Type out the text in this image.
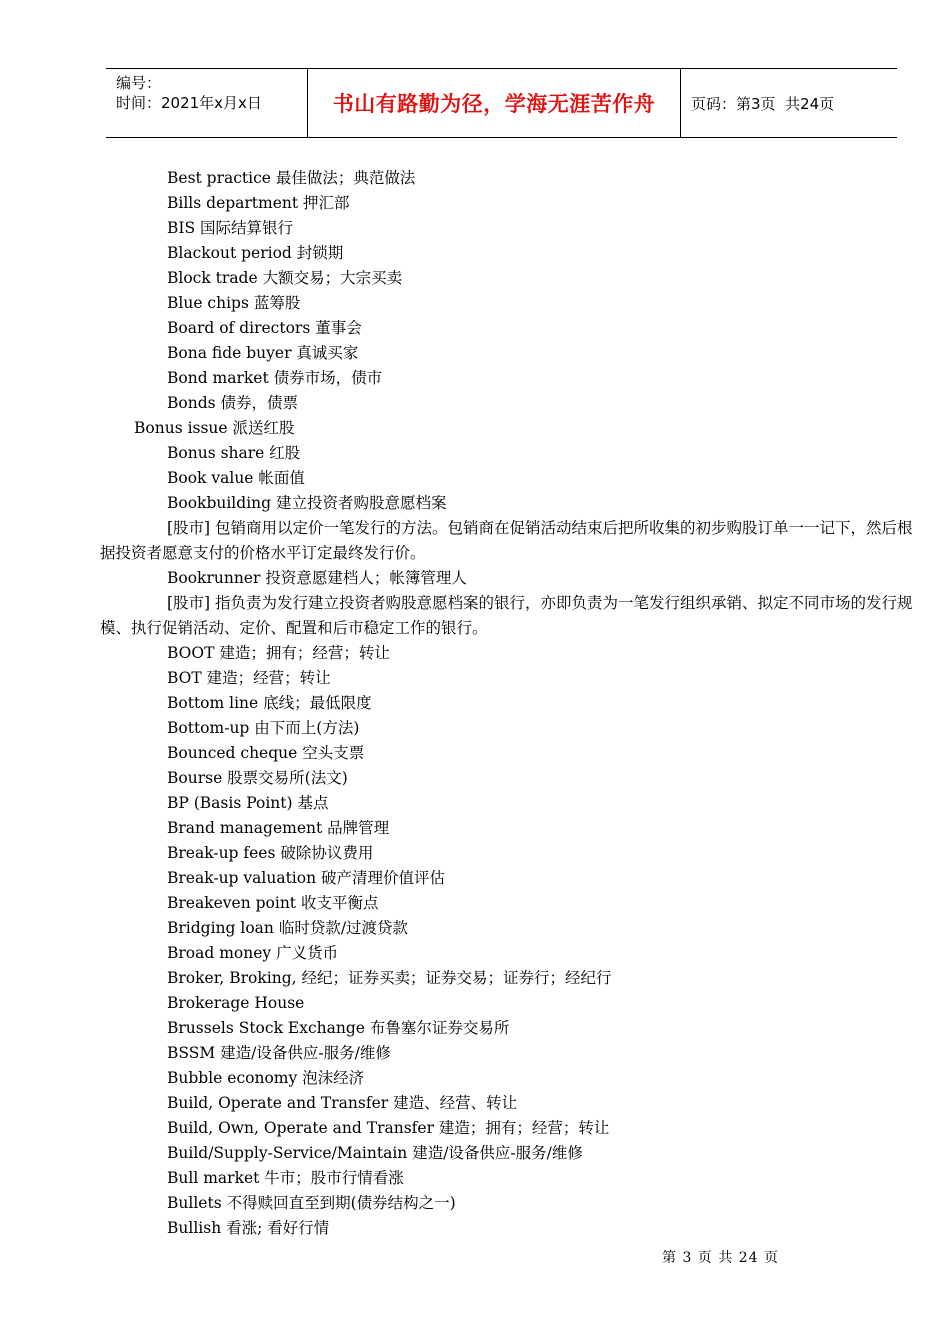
编号：
时间：2021年x月x日	书山有路勤为径，学海无涯苦作舟	页码：第3页  共24页
Best practice 最佳做法；典范做法
Bills department 押汇部
BIS 国际结算银行
Blackout period 封锁期
Block trade 大额交易；大宗买卖
Blue chips 蓝筹股
Board of directors 董事会
Bona fide buyer 真诚买家
Bond market 债券市场，债市
Bonds 债券，债票
Bonus issue 派送红股
Bonus share 红股
Book value 帐面值
Bookbuilding 建立投资者购股意愿档案
[股市] 包销商用以定价一笔发行的方法。包销商在促销活动结束后把所收集的初步购股订单一一记下，然后根据投资者愿意支付的价格水平订定最终发行价。
Bookrunner 投资意愿建档人；帐簿管理人
[股市] 指负责为发行建立投资者购股意愿档案的银行，亦即负责为一笔发行组织承销、拟定不同市场的发行规模、执行促销活动、定价、配置和后市稳定工作的银行。
BOOT 建造；拥有；经营；转让
BOT 建造；经营；转让
Bottom line 底线；最低限度
Bottom-up 由下而上(方法)
Bounced cheque 空头支票
Bourse 股票交易所(法文)
BP (Basis Point) 基点
Brand management 品牌管理
Break-up fees 破除协议费用
Break-up valuation 破产清理价值评估
Breakeven point 收支平衡点
Bridging loan 临时贷款/过渡贷款
Broad money 广义货币
Broker, Broking, 经纪；证券买卖；证券交易；证券行；经纪行
Brokerage House
Brussels Stock Exchange 布鲁塞尔证券交易所
BSSM 建造/设备供应-服务/维修
Bubble economy 泡沫经济
Build, Operate and Transfer 建造、经营、转让
Build, Own, Operate and Transfer 建造；拥有；经营；转让
Build/Supply-Service/Maintain 建造/设备供应-服务/维修
Bull market 牛市；股市行情看涨
Bullets 不得赎回直至到期(债券结构之一)
Bullish 看涨; 看好行情
第 3 页 共 24 页
